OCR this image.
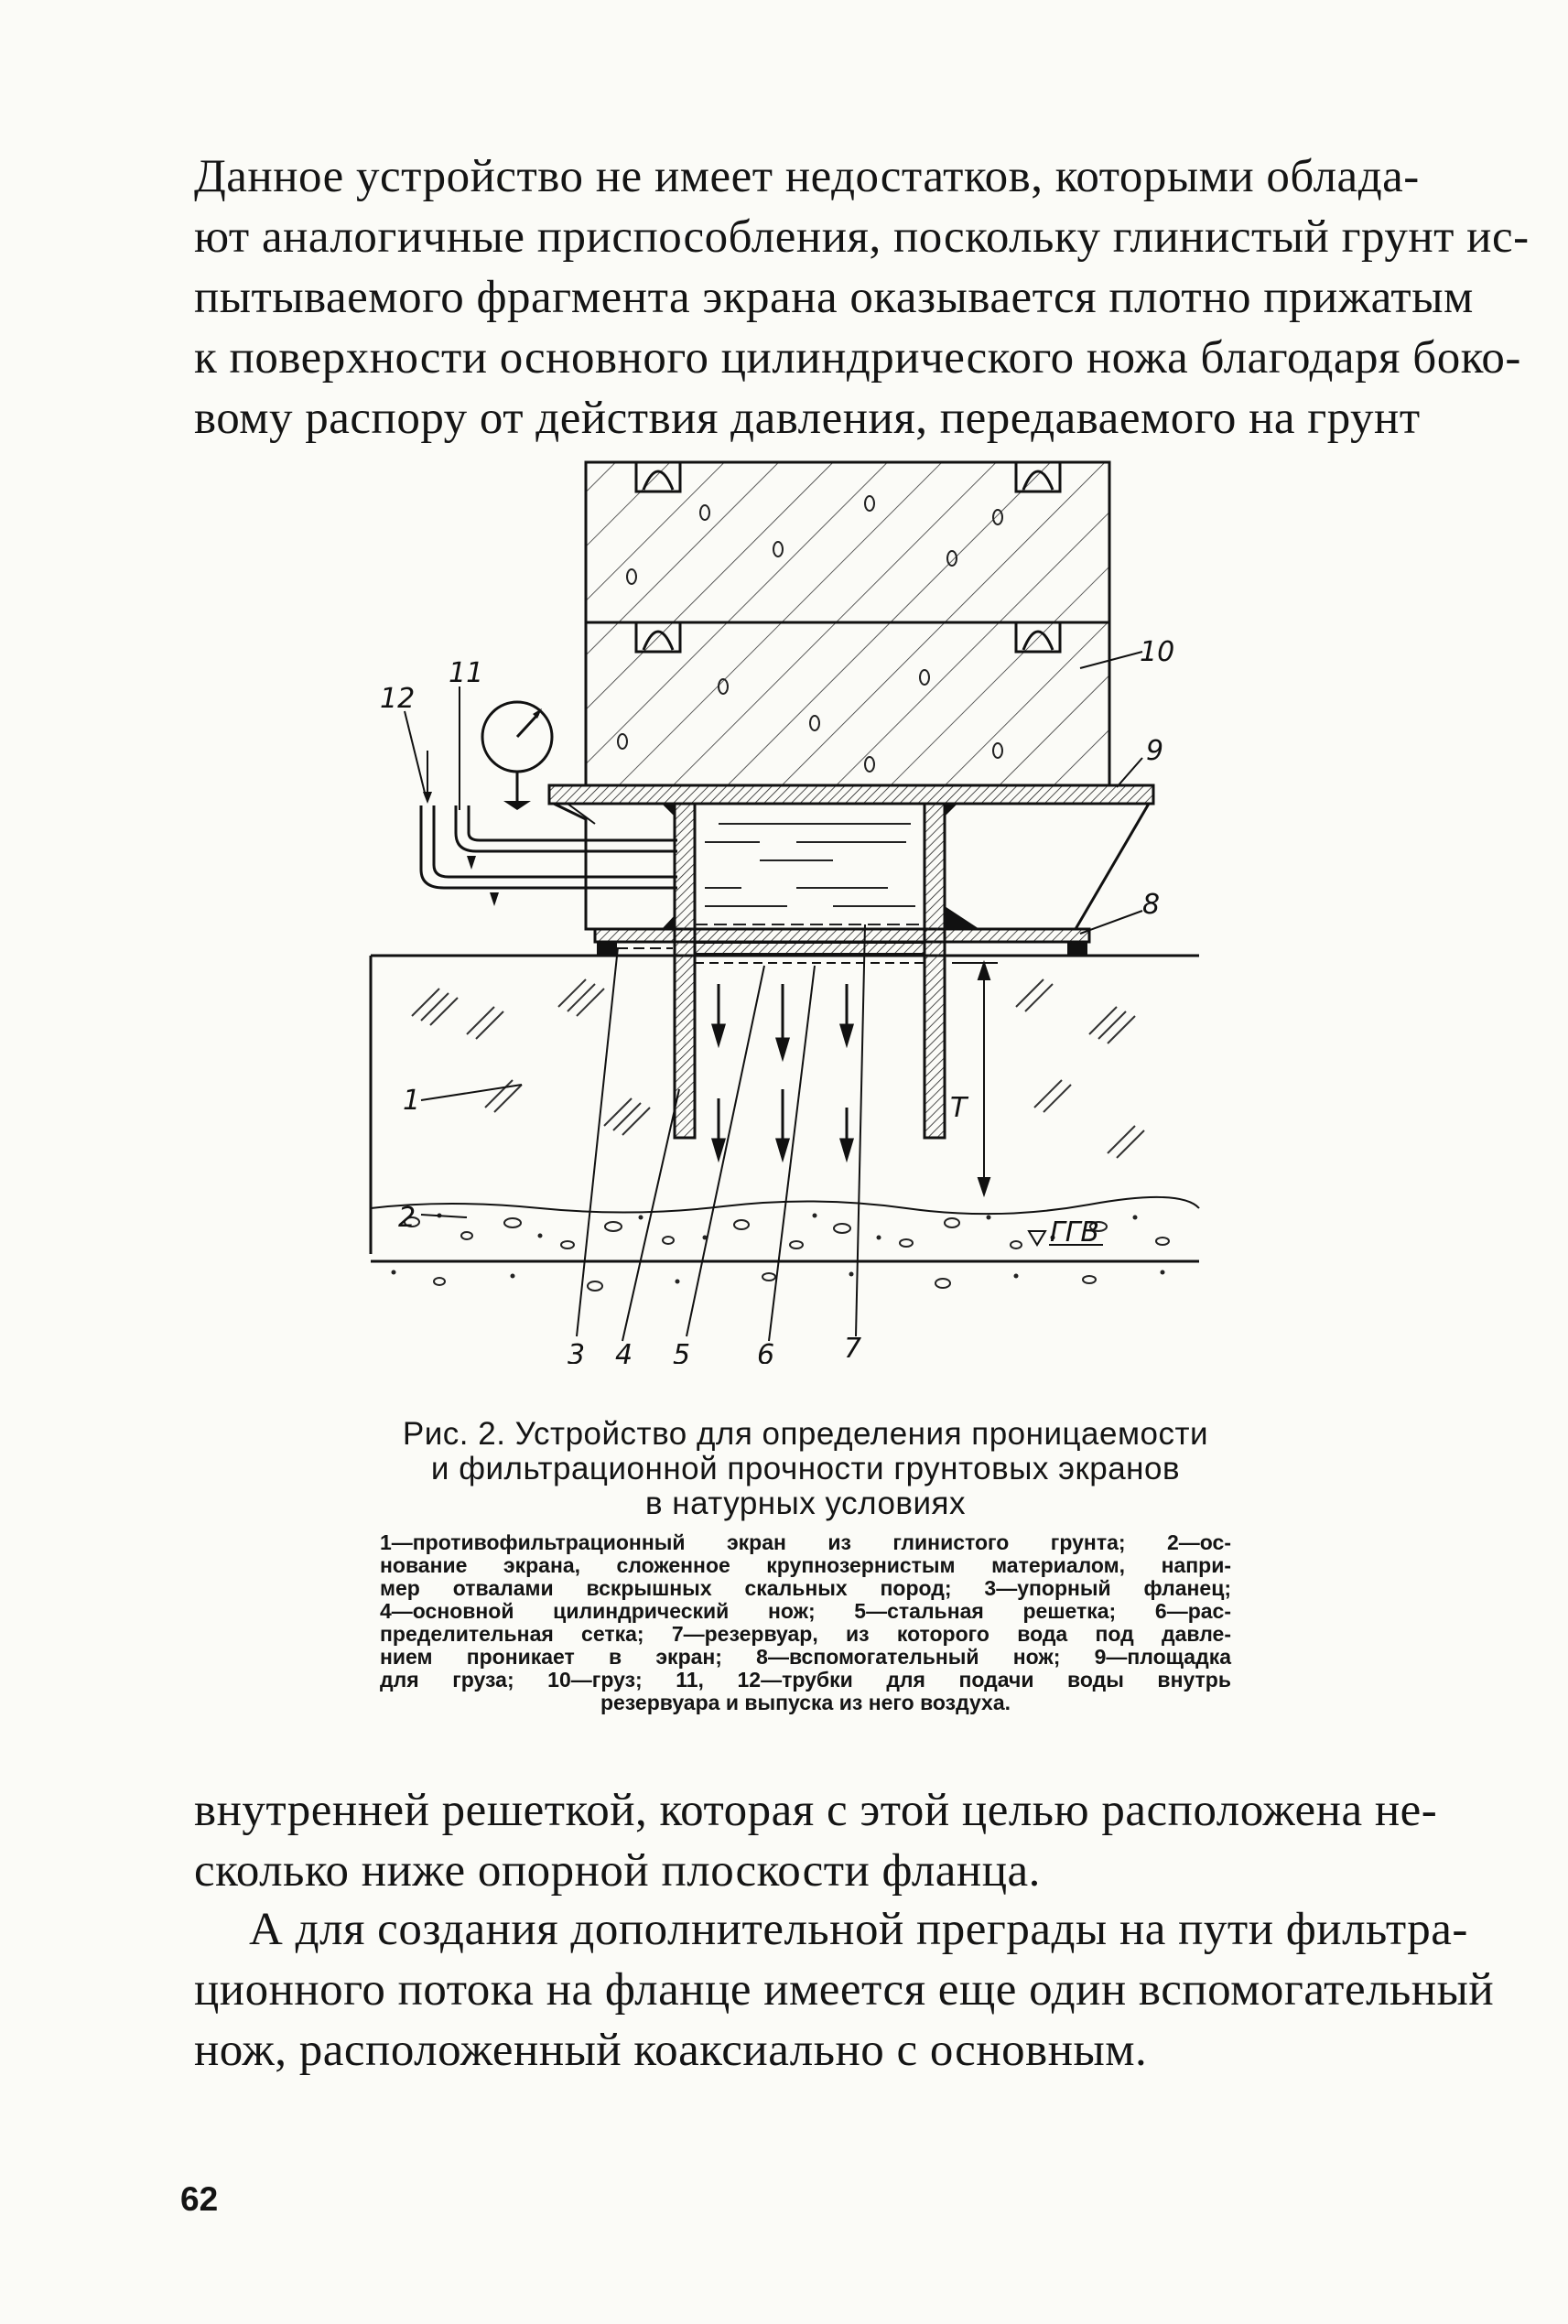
Данное устройство не имеет недостатков, которыми облада-
ют аналогичные приспособления, поскольку глинистый грунт ис-
пытываемого фрагмента экрана оказывается плотно прижатым
к поверхности основного цилиндрического ножа благодаря боко-
вому распору от действия давления, передаваемого на грунт
T
ГГВ
10
9
8
11
12
1
2
3 4 5 6	7
Рис. 2. Устройство для определения проницаемости
и фильтрационной прочности грунтовых экранов
в натурных условиях
1—противофильтрационный экран из глинистого грунта; 2—ос-
нование экрана, сложенное крупнозернистым материалом, напри-
мер отвалами вскрышных скальных пород; 3—упорный фланец;
4—основной цилиндрический нож; 5—стальная решетка; 6—рас-
пределительная сетка; 7—резервуар, из которого вода под давле-
нием проникает в экран; 8—вспомогательный нож; 9—площадка
для груза; 10—груз; 11, 12—трубки для подачи воды внутрь
резервуара и выпуска из него воздуха.
внутренней решеткой, которая с этой целью расположена не-
сколько ниже опорной плоскости фланца.
А для создания дополнительной преграды на пути фильтра-
ционного потока на фланце имеется еще один вспомогательный
нож, расположенный коаксиально с основным.
62
